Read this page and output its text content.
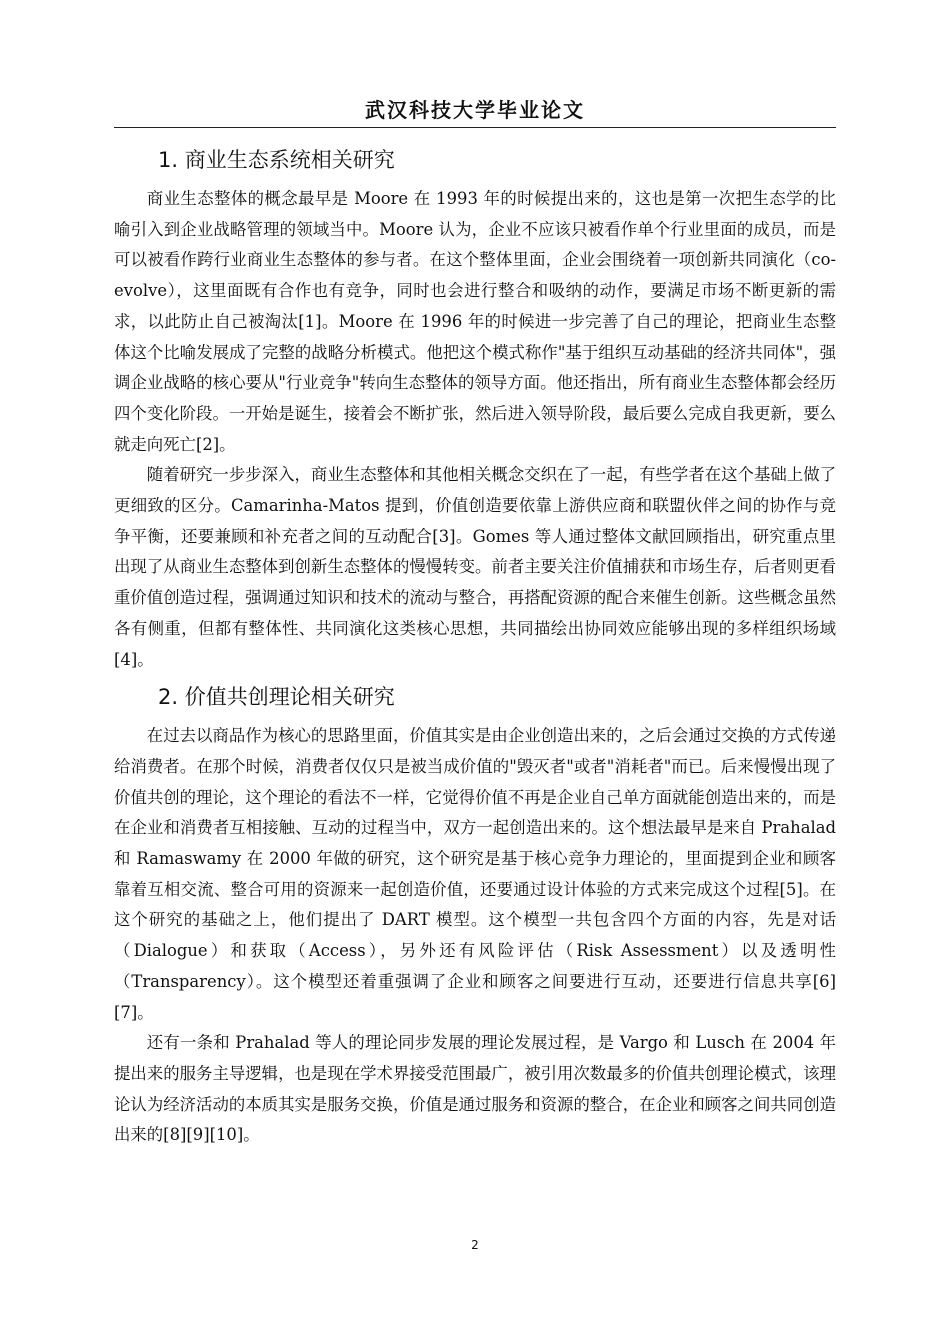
武汉科技大学毕业论文
1. 商业生态系统相关研究

商业生态整体的概念最早是 Moore 在 1993 年的时候提出来的，这也是第一次把生态学的比喻引入到企业战略管理的领域当中。Moore 认为，企业不应该只被看作单个行业里面的成员，而是可以被看作跨行业商业生态整体的参与者。在这个整体里面，企业会围绕着一项创新共同演化（co-evolve），这里面既有合作也有竞争，同时也会进行整合和吸纳的动作，要满足市场不断更新的需求，以此防止自己被淘汰[1]。Moore 在 1996 年的时候进一步完善了自己的理论，把商业生态整体这个比喻发展成了完整的战略分析模式。他把这个模式称作"基于组织互动基础的经济共同体"，强调企业战略的核心要从"行业竞争"转向生态整体的领导方面。他还指出，所有商业生态整体都会经历四个变化阶段。一开始是诞生，接着会不断扩张，然后进入领导阶段，最后要么完成自我更新，要么就走向死亡[2]。

随着研究一步步深入，商业生态整体和其他相关概念交织在了一起，有些学者在这个基础上做了更细致的区分。Camarinha-Matos 提到，价值创造要依靠上游供应商和联盟伙伴之间的协作与竞争平衡，还要兼顾和补充者之间的互动配合[3]。Gomes 等人通过整体文献回顾指出，研究重点里出现了从商业生态整体到创新生态整体的慢慢转变。前者主要关注价值捕获和市场生存，后者则更看重价值创造过程，强调通过知识和技术的流动与整合，再搭配资源的配合来催生创新。这些概念虽然各有侧重，但都有整体性、共同演化这类核心思想，共同描绘出协同效应能够出现的多样组织场域[4]。

2. 价值共创理论相关研究

在过去以商品作为核心的思路里面，价值其实是由企业创造出来的，之后会通过交换的方式传递给消费者。在那个时候，消费者仅仅只是被当成价值的"毁灭者"或者"消耗者"而已。后来慢慢出现了价值共创的理论，这个理论的看法不一样，它觉得价值不再是企业自己单方面就能创造出来的，而是在企业和消费者互相接触、互动的过程当中，双方一起创造出来的。这个想法最早是来自 Prahalad 和 Ramaswamy 在 2000 年做的研究，这个研究是基于核心竞争力理论的，里面提到企业和顾客靠着互相交流、整合可用的资源来一起创造价值，还要通过设计体验的方式来完成这个过程[5]。在这个研究的基础之上，他们提出了 DART 模型。这个模型一共包含四个方面的内容，先是对话（Dialogue）和获取（Access），另外还有风险评估（Risk Assessment）以及透明性（Transparency）。这个模型还着重强调了企业和顾客之间要进行互动，还要进行信息共享[6][7]。

还有一条和 Prahalad 等人的理论同步发展的理论发展过程，是 Vargo 和 Lusch 在 2004 年提出来的服务主导逻辑，也是现在学术界接受范围最广，被引用次数最多的价值共创理论模式，该理论认为经济活动的本质其实是服务交换，价值是通过服务和资源的整合，在企业和顾客之间共同创造出来的[8][9][10]。

2
